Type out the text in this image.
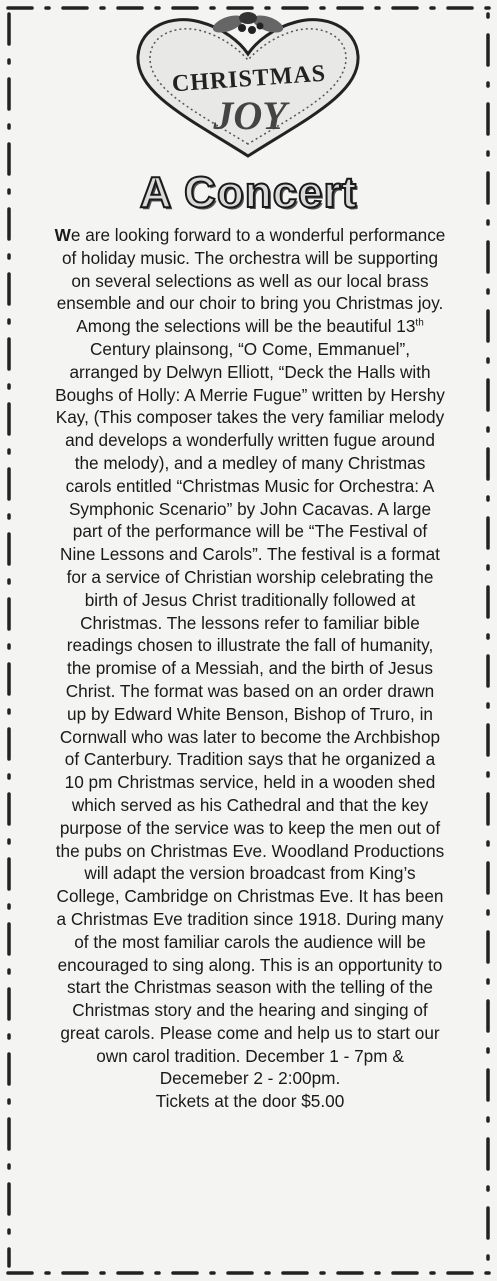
CHRISTMAS
JOY
A Concert
We are looking forward to a wonderful performance
of holiday music. The orchestra will be supporting
on several selections as well as our local brass
ensemble and our choir to bring you Christmas joy.
Among the selections will be the beautiful 13th
Century plainsong, “O Come, Emmanuel”,
arranged by Delwyn Elliott, “Deck the Halls with
Boughs of Holly: A Merrie Fugue” written by Hershy
Kay, (This composer takes the very familiar melody
and develops a wonderfully written fugue around
the melody), and a medley of many Christmas
carols entitled “Christmas Music for Orchestra: A
Symphonic Scenario” by John Cacavas. A large
part of the performance will be “The Festival of
Nine Lessons and Carols”. The festival is a format
for a service of Christian worship celebrating the
birth of Jesus Christ traditionally followed at
Christmas. The lessons refer to familiar bible
readings chosen to illustrate the fall of humanity,
the promise of a Messiah, and the birth of Jesus
Christ. The format was based on an order drawn
up by Edward White Benson, Bishop of Truro, in
Cornwall who was later to become the Archbishop
of Canterbury. Tradition says that he organized a
10 pm Christmas service, held in a wooden shed
which served as his Cathedral and that the key
purpose of the service was to keep the men out of
the pubs on Christmas Eve. Woodland Productions
will adapt the version broadcast from King’s
College, Cambridge on Christmas Eve. It has been
a Christmas Eve tradition since 1918. During many
of the most familiar carols the audience will be
encouraged to sing along. This is an opportunity to
start the Christmas season with the telling of the
Christmas story and the hearing and singing of
great carols. Please come and help us to start our
own carol tradition. December 1 - 7pm &
Decemeber 2 - 2:00pm.
Tickets at the door $5.00
